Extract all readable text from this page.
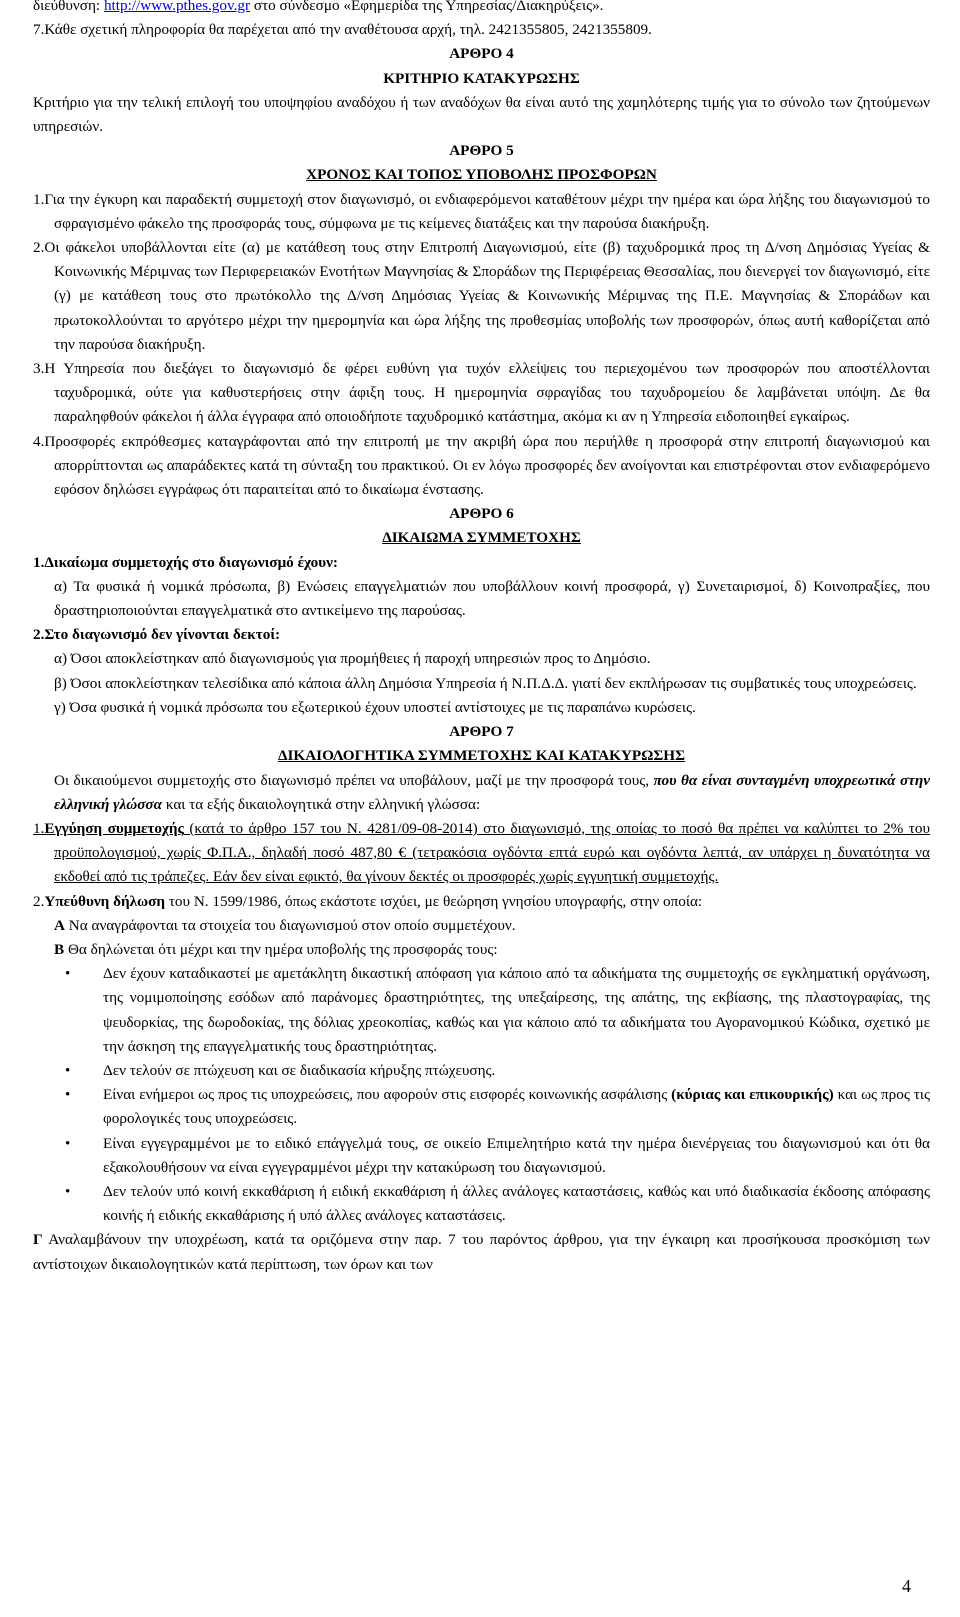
διεύθυνση: http://www.pthes.gov.gr στο σύνδεσμο «Εφημερίδα της Υπηρεσίας/Διακηρύξεις».

7.Κάθε σχετική πληροφορία θα παρέχεται από την αναθέτουσα αρχή, τηλ. 2421355805, 2421355809.

ΑΡΘΡΟ 4

ΚΡΙΤΗΡΙΟ ΚΑΤΑΚΥΡΩΣΗΣ

Κριτήριο για την τελική επιλογή του υποψηφίου αναδόχου ή των αναδόχων θα είναι αυτό της χαμηλότερης τιμής για το σύνολο των ζητούμενων υπηρεσιών.

ΑΡΘΡΟ 5

ΧΡΟΝΟΣ ΚΑΙ ΤΟΠΟΣ ΥΠΟΒΟΛΗΣ ΠΡΟΣΦΟΡΩΝ

1.Για την έγκυρη και παραδεκτή συμμετοχή στον διαγωνισμό, οι ενδιαφερόμενοι καταθέτουν μέχρι την ημέρα και ώρα λήξης του διαγωνισμού το σφραγισμένο φάκελο της προσφοράς τους, σύμφωνα με τις κείμενες διατάξεις και την παρούσα διακήρυξη.

2.Οι φάκελοι υποβάλλονται είτε (α) με κατάθεση τους στην Επιτροπή Διαγωνισμού, είτε (β) ταχυδρομικά προς τη Δ/νση Δημόσιας Υγείας & Κοινωνικής Μέριμνας των Περιφερειακών Ενοτήτων Μαγνησίας & Σποράδων της Περιφέρειας Θεσσαλίας, που διενεργεί τον διαγωνισμό, είτε (γ) με κατάθεση τους στο πρωτόκολλο της Δ/νση Δημόσιας Υγείας & Κοινωνικής Μέριμνας της Π.Ε. Μαγνησίας & Σποράδων και πρωτοκολλούνται το αργότερο μέχρι την ημερομηνία και ώρα λήξης της προθεσμίας υποβολής των προσφορών, όπως αυτή καθορίζεται από την παρούσα διακήρυξη.

3.Η Υπηρεσία που διεξάγει το διαγωνισμό δε φέρει ευθύνη για τυχόν ελλείψεις του περιεχομένου των προσφορών που αποστέλλονται ταχυδρομικά, ούτε για καθυστερήσεις στην άφιξη τους. Η ημερομηνία σφραγίδας του ταχυδρομείου δε λαμβάνεται υπόψη. Δε θα παραληφθούν φάκελοι ή άλλα έγγραφα από οποιοδήποτε ταχυδρομικό κατάστημα, ακόμα κι αν η Υπηρεσία ειδοποιηθεί εγκαίρως.

4.Προσφορές εκπρόθεσμες καταγράφονται από την επιτροπή με την ακριβή ώρα που περιήλθε η προσφορά στην επιτροπή διαγωνισμού και απορρίπτονται ως απαράδεκτες κατά τη σύνταξη του πρακτικού. Οι εν λόγω προσφορές δεν ανοίγονται και επιστρέφονται στον ενδιαφερόμενο εφόσον δηλώσει εγγράφως ότι παραιτείται από το δικαίωμα ένστασης.

ΑΡΘΡΟ 6

ΔΙΚΑΙΩΜΑ ΣΥΜΜΕΤΟΧΗΣ

1.Δικαίωμα συμμετοχής στο διαγωνισμό έχουν:

α) Τα φυσικά ή νομικά πρόσωπα, β) Ενώσεις επαγγελματιών που υποβάλλουν κοινή προσφορά, γ) Συνεταιρισμοί, δ) Κοινοπραξίες, που δραστηριοποιούνται επαγγελματικά στο αντικείμενο της παρούσας.

2.Στο διαγωνισμό δεν γίνονται δεκτοί:

α) Όσοι αποκλείστηκαν από διαγωνισμούς για προμήθειες ή παροχή υπηρεσιών προς το Δημόσιο.

β) Όσοι αποκλείστηκαν τελεσίδικα από κάποια άλλη Δημόσια Υπηρεσία ή Ν.Π.Δ.Δ. γιατί δεν εκπλήρωσαν τις συμβατικές τους υποχρεώσεις.

γ) Όσα φυσικά ή νομικά πρόσωπα του εξωτερικού έχουν υποστεί αντίστοιχες με τις παραπάνω κυρώσεις.

ΑΡΘΡΟ 7

ΔΙΚΑΙΟΛΟΓΗΤΙΚΑ ΣΥΜΜΕΤΟΧΗΣ ΚΑΙ ΚΑΤΑΚΥΡΩΣΗΣ

Οι δικαιούμενοι συμμετοχής στο διαγωνισμό πρέπει να υποβάλουν, μαζί με την προσφορά τους, που θα είναι συνταγμένη υποχρεωτικά στην ελληνική γλώσσα και τα εξής δικαιολογητικά στην ελληνική γλώσσα:

1.Εγγύηση συμμετοχής (κατά το άρθρο 157 του Ν. 4281/09-08-2014) στο διαγωνισμό, της οποίας το ποσό θα πρέπει να καλύπτει το 2% του προϋπολογισμού, χωρίς Φ.Π.Α., δηλαδή ποσό 487,80 € (τετρακόσια ογδόντα επτά ευρώ και ογδόντα λεπτά, αν υπάρχει η δυνατότητα να εκδοθεί από τις τράπεζες. Εάν δεν είναι εφικτό, θα γίνουν δεκτές οι προσφορές χωρίς εγγυητική συμμετοχής.

2.Υπεύθυνη δήλωση του Ν. 1599/1986, όπως εκάστοτε ισχύει, με θεώρηση γνησίου υπογραφής, στην οποία:

Α Να αναγράφονται τα στοιχεία του διαγωνισμού στον οποίο συμμετέχουν.

Β Θα δηλώνεται ότι μέχρι και την ημέρα υποβολής της προσφοράς τους:

• Δεν έχουν καταδικαστεί με αμετάκλητη δικαστική απόφαση για κάποιο από τα αδικήματα της συμμετοχής σε εγκληματική οργάνωση, της νομιμοποίησης εσόδων από παράνομες δραστηριότητες, της υπεξαίρεσης, της απάτης, της εκβίασης, της πλαστογραφίας, της ψευδορκίας, της δωροδοκίας, της δόλιας χρεοκοπίας, καθώς και για κάποιο από τα αδικήματα του Αγορανομικού Κώδικα, σχετικό με την άσκηση της επαγγελματικής τους δραστηριότητας.

• Δεν τελούν σε πτώχευση και σε διαδικασία κήρυξης πτώχευσης.

• Είναι ενήμεροι ως προς τις υποχρεώσεις, που αφορούν στις εισφορές κοινωνικής ασφάλισης (κύριας και επικουρικής) και ως προς τις φορολογικές τους υποχρεώσεις.

• Είναι εγγεγραμμένοι με το ειδικό επάγγελμά τους, σε οικείο Επιμελητήριο κατά την ημέρα διενέργειας του διαγωνισμού και ότι θα εξακολουθήσουν να είναι εγγεγραμμένοι μέχρι την κατακύρωση του διαγωνισμού.

• Δεν τελούν υπό κοινή εκκαθάριση ή ειδική εκκαθάριση ή άλλες ανάλογες καταστάσεις, καθώς και υπό διαδικασία έκδοσης απόφασης κοινής ή ειδικής εκκαθάρισης ή υπό άλλες ανάλογες καταστάσεις.

Γ Αναλαμβάνουν την υποχρέωση, κατά τα οριζόμενα στην παρ. 7 του παρόντος άρθρου, για την έγκαιρη και προσήκουσα προσκόμιση των αντίστοιχων δικαιολογητικών κατά περίπτωση, των όρων και των

4
